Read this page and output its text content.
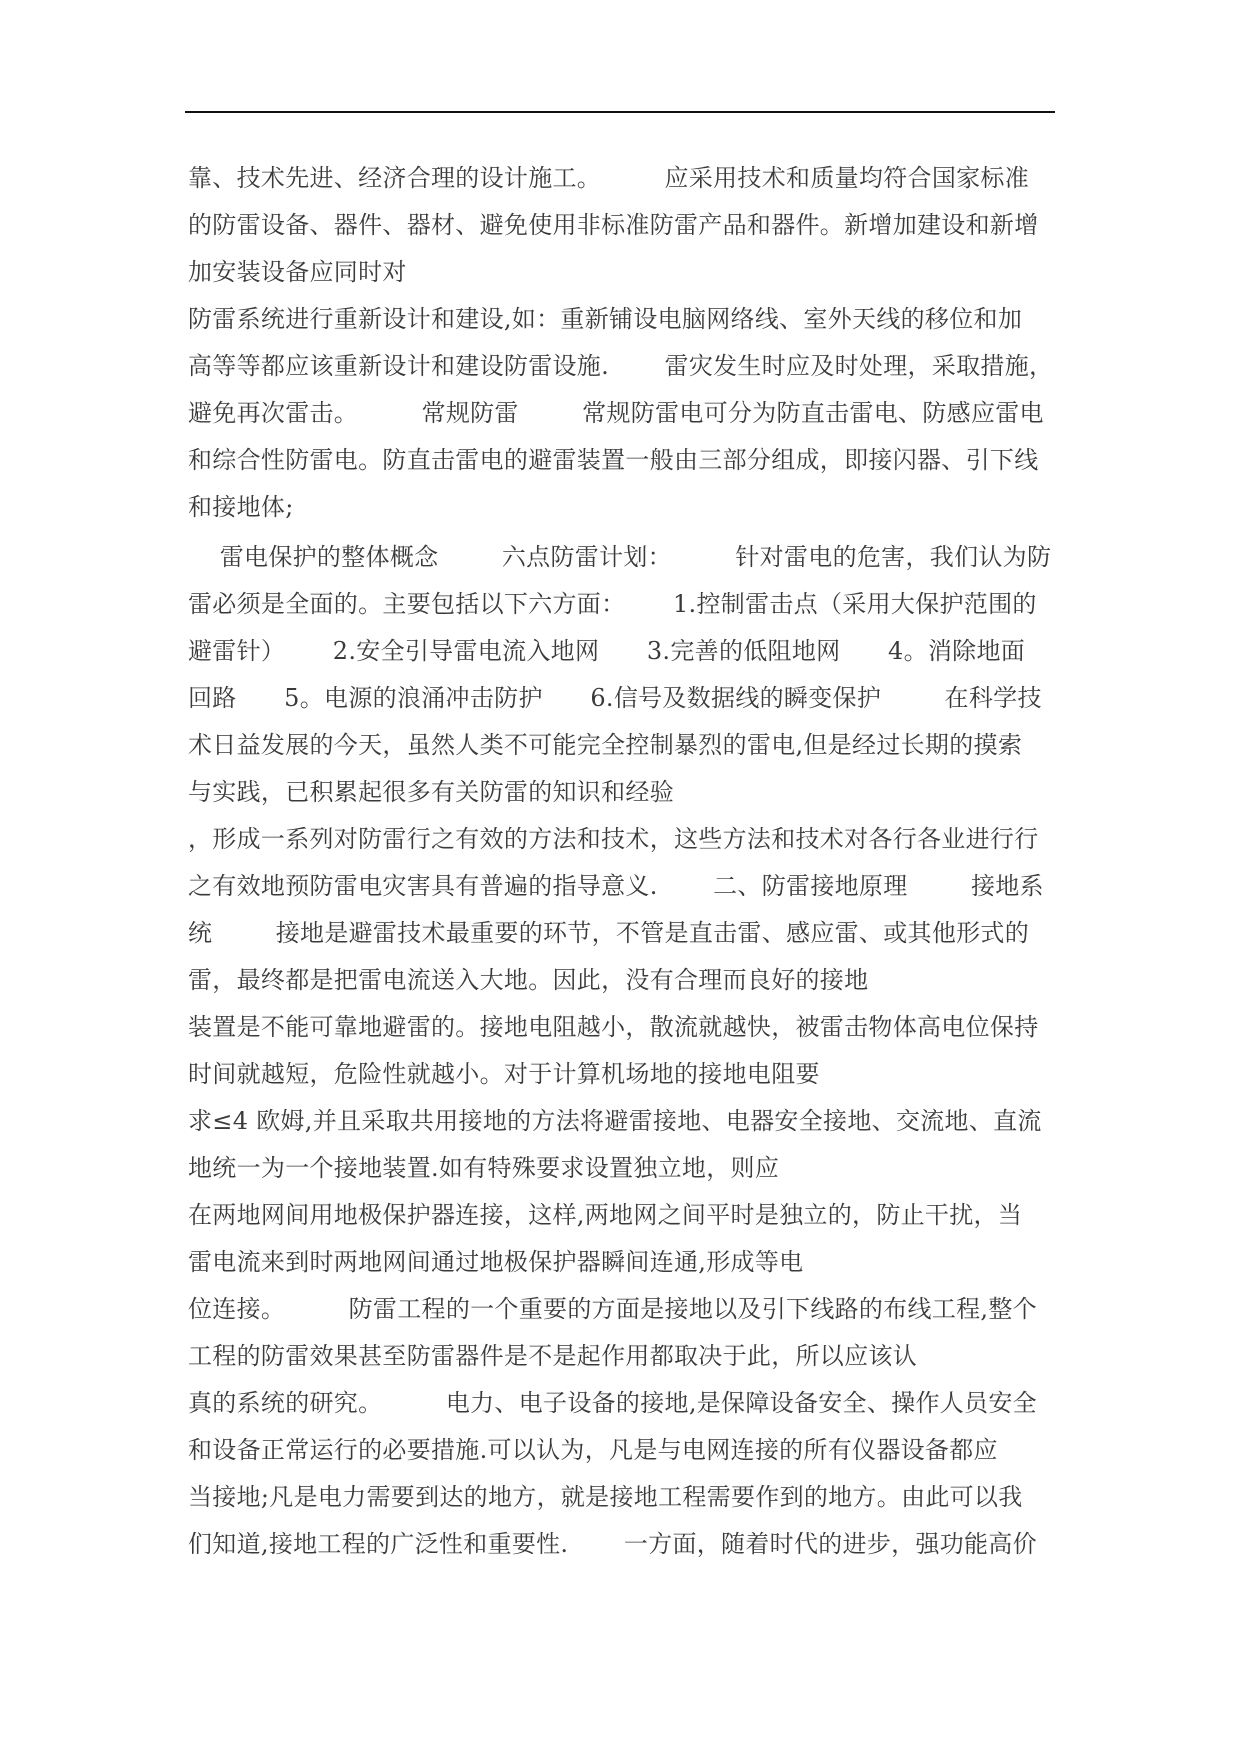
靠、技术先进、经济合理的设计施工。        应采用技术和质量均符合国家标准
的防雷设备、器件、器材、避免使用非标准防雷产品和器件。新增加建设和新增
加安装设备应同时对
防雷系统进行重新设计和建设,如：重新铺设电脑网络线、室外天线的移位和加
高等等都应该重新设计和建设防雷设施.       雷灾发生时应及时处理，采取措施，
避免再次雷击。        常规防雷        常规防雷电可分为防直击雷电、防感应雷电
和综合性防雷电。防直击雷电的避雷装置一般由三部分组成，即接闪器、引下线
和接地体;
雷电保护的整体概念        六点防雷计划：        针对雷电的危害，我们认为防
雷必须是全面的。主要包括以下六方面：      1.控制雷击点（采用大保护范围的
避雷针）      2.安全引导雷电流入地网      3.完善的低阻地网      4。消除地面
回路      5。电源的浪涌冲击防护      6.信号及数据线的瞬变保护        在科学技
术日益发展的今天，虽然人类不可能完全控制暴烈的雷电,但是经过长期的摸索
与实践，已积累起很多有关防雷的知识和经验
，形成一系列对防雷行之有效的方法和技术，这些方法和技术对各行各业进行行
之有效地预防雷电灾害具有普遍的指导意义.       二、防雷接地原理        接地系
统        接地是避雷技术最重要的环节，不管是直击雷、感应雷、或其他形式的
雷，最终都是把雷电流送入大地。因此，没有合理而良好的接地
装置是不能可靠地避雷的。接地电阻越小，散流就越快，被雷击物体高电位保持
时间就越短，危险性就越小。对于计算机场地的接地电阻要
求≤4 欧姆,并且采取共用接地的方法将避雷接地、电器安全接地、交流地、直流
地统一为一个接地装置.如有特殊要求设置独立地，则应
在两地网间用地极保护器连接，这样,两地网之间平时是独立的，防止干扰，当
雷电流来到时两地网间通过地极保护器瞬间连通,形成等电
位连接。        防雷工程的一个重要的方面是接地以及引下线路的布线工程,整个
工程的防雷效果甚至防雷器件是不是起作用都取决于此，所以应该认
真的系统的研究。        电力、电子设备的接地,是保障设备安全、操作人员安全
和设备正常运行的必要措施.可以认为，凡是与电网连接的所有仪器设备都应
当接地;凡是电力需要到达的地方，就是接地工程需要作到的地方。由此可以我
们知道,接地工程的广泛性和重要性.       一方面，随着时代的进步，强功能高价
